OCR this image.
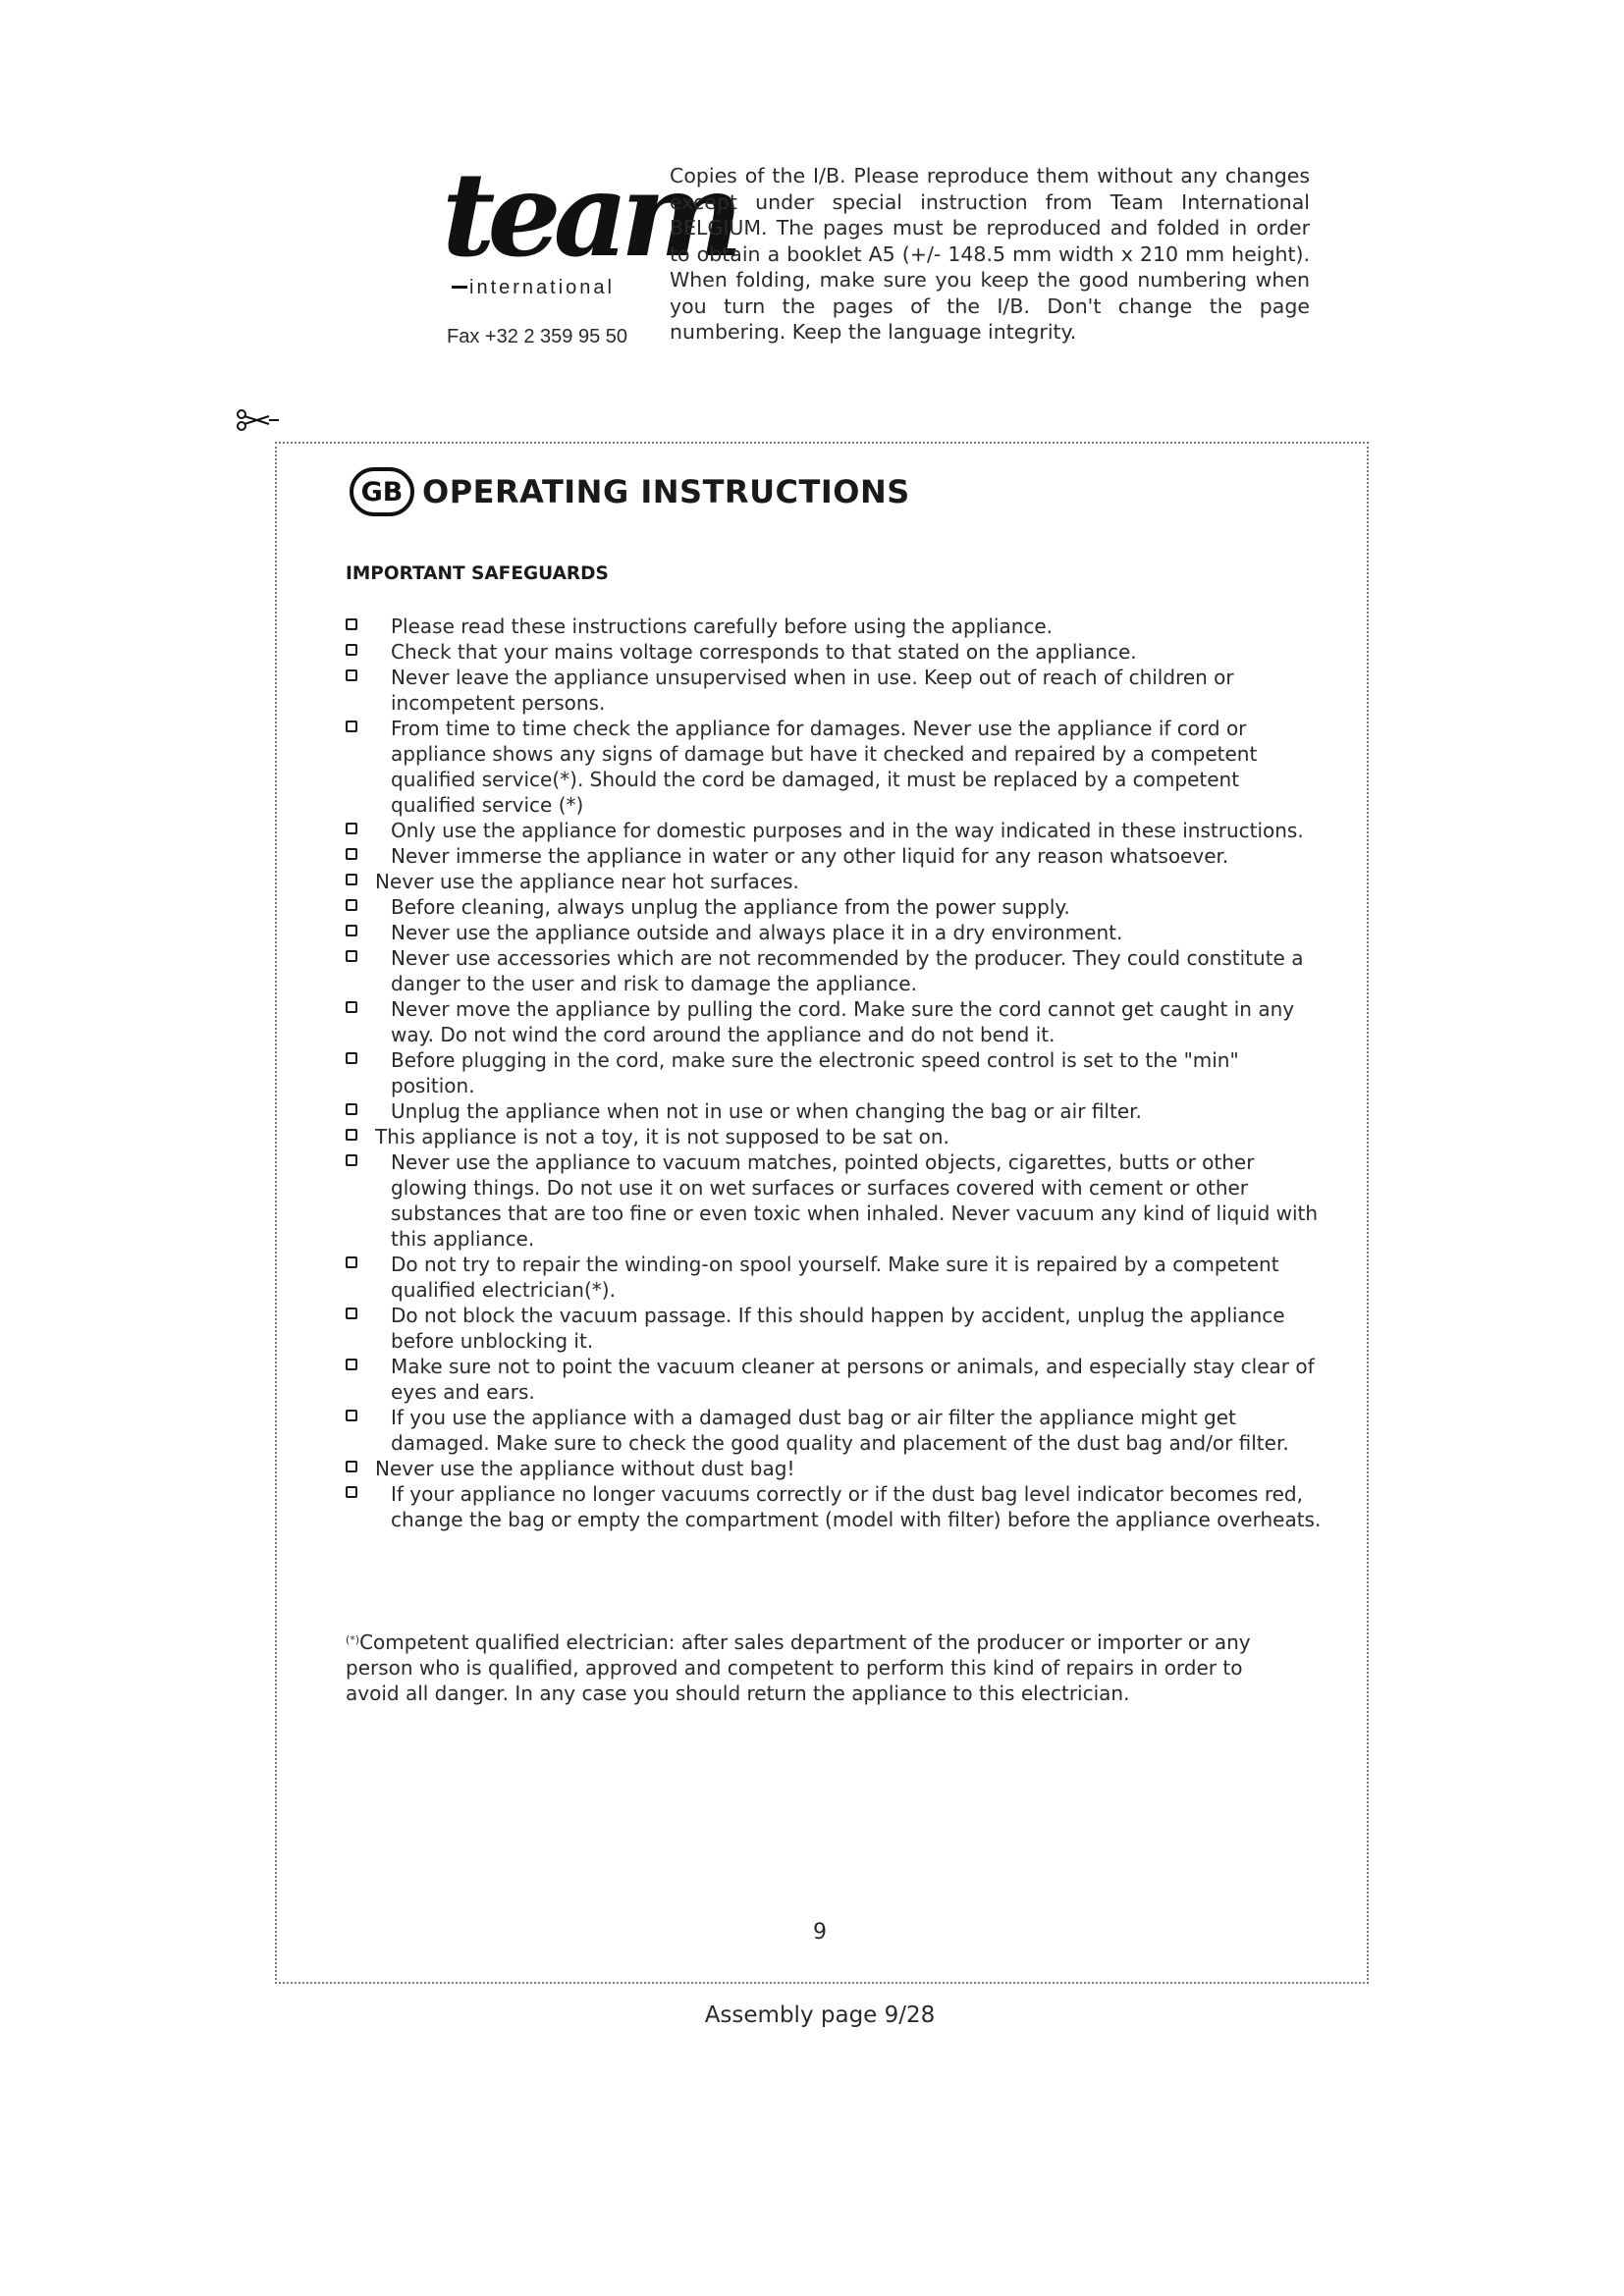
team
international
Fax +32 2 359 95 50
Copies of the I/B. Please reproduce them without any changes except under special instruction from Team International BELGIUM. The pages must be reproduced and folded in order to obtain a booklet A5 (+/- 148.5 mm width x 210 mm height). When folding, make sure you keep the good numbering when you turn the pages of the I/B. Don't change the page numbering. Keep the language integrity.
GB OPERATING INSTRUCTIONS
IMPORTANT SAFEGUARDS
Please read these instructions carefully before using the appliance.
Check that your mains voltage corresponds to that stated on the appliance.
Never leave the appliance unsupervised when in use. Keep out of reach of children or incompetent persons.
From time to time check the appliance for damages. Never use the appliance if cord or appliance shows any signs of damage but have it checked and repaired by a competent qualified service(*). Should the cord be damaged, it must be replaced by a competent qualified service (*)
Only use the appliance for domestic purposes and in the way indicated in these instructions.
Never immerse the appliance in water or any other liquid for any reason whatsoever.
Never use the appliance near hot surfaces.
Before cleaning, always unplug the appliance from the power supply.
Never use the appliance outside and always place it in a dry environment.
Never use accessories which are not recommended by the producer. They could constitute a danger to the user and risk to damage the appliance.
Never move the appliance by pulling the cord. Make sure the cord cannot get caught in any way. Do not wind the cord around the appliance and do not bend it.
Before plugging in the cord, make sure the electronic speed control is set to the "min" position.
Unplug the appliance when not in use or when changing the bag or air filter.
This appliance is not a toy, it is not supposed to be sat on.
Never use the appliance to vacuum matches, pointed objects, cigarettes, butts or other glowing things. Do not use it on wet surfaces or surfaces covered with cement or other substances that are too fine or even toxic when inhaled. Never vacuum any kind of liquid with this appliance.
Do not try to repair the winding-on spool yourself. Make sure it is repaired by a competent qualified electrician(*).
Do not block the vacuum passage. If this should happen by accident, unplug the appliance before unblocking it.
Make sure not to point the vacuum cleaner at persons or animals, and especially stay clear of eyes and ears.
If you use the appliance with a damaged dust bag or air filter the appliance might get damaged. Make sure to check the good quality and placement of the dust bag and/or filter.
Never use the appliance without dust bag!
If your appliance no longer vacuums correctly or if the dust bag level indicator becomes red, change the bag or empty the compartment (model with filter) before the appliance overheats.
(*)Competent qualified electrician: after sales department of the producer or importer or any person who is qualified, approved and competent to perform this kind of repairs in order to avoid all danger. In any case you should return the appliance to this electrician.
9
Assembly page 9/28
